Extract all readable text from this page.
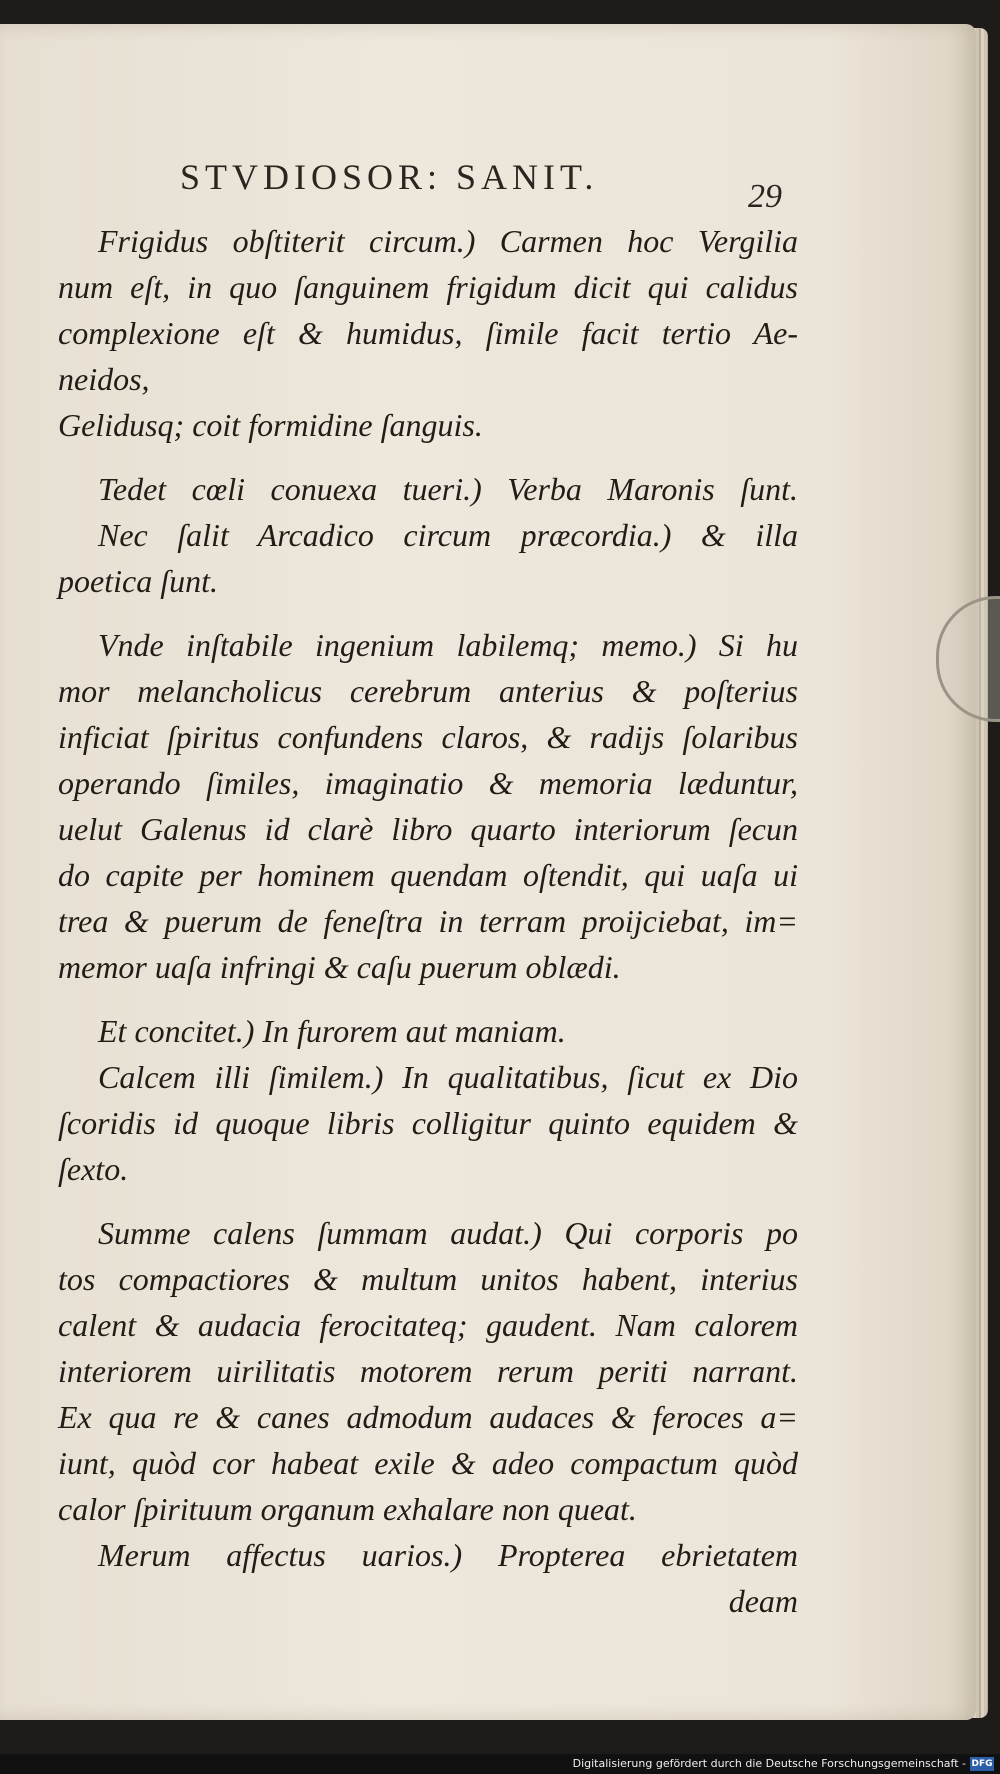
STVDIOSOR: SANIT.	29
Frigidus obſtiterit circum.) Carmen hoc Vergilia
num eſt, in quo ſanguinem frigidum dicit qui calidus
complexione eſt & humidus, ſimile facit tertio Ae-
neidos,
Gelidusq; coit formidine ſanguis.
Tedet cœli conuexa tueri.) Verba Maronis ſunt.
Nec ſalit Arcadico circum præcordia.) & illa
poetica ſunt.
Vnde inſtabile ingenium labilemq; memo.) Si hu
mor melancholicus cerebrum anterius & poſterius
inficiat ſpiritus confundens claros, & radijs ſolaribus
operando ſimiles, imaginatio & memoria læduntur,
uelut Galenus id clarè libro quarto interiorum ſecun
do capite per hominem quendam oſtendit, qui uaſa ui
trea & puerum de feneſtra in terram proijciebat, im=
memor uaſa infringi & caſu puerum oblædi.
Et concitet.) In furorem aut maniam.
Calcem illi ſimilem.) In qualitatibus, ſicut ex Dio
ſcoridis id quoque libris colligitur quinto equidem &
ſexto.
Summe calens ſummam audat.) Qui corporis po
tos compactiores & multum unitos habent, interius
calent & audacia ferocitateq; gaudent. Nam calorem
interiorem uirilitatis motorem rerum periti narrant.
Ex qua re & canes admodum audaces & feroces a=
iunt, quòd cor habeat exile & adeo compactum quòd
calor ſpirituum organum exhalare non queat.
Merum affectus uarios.) Propterea ebrietatem
deam
Digitalisierung gefördert durch die Deutsche Forschungsgemeinschaft - DFG
